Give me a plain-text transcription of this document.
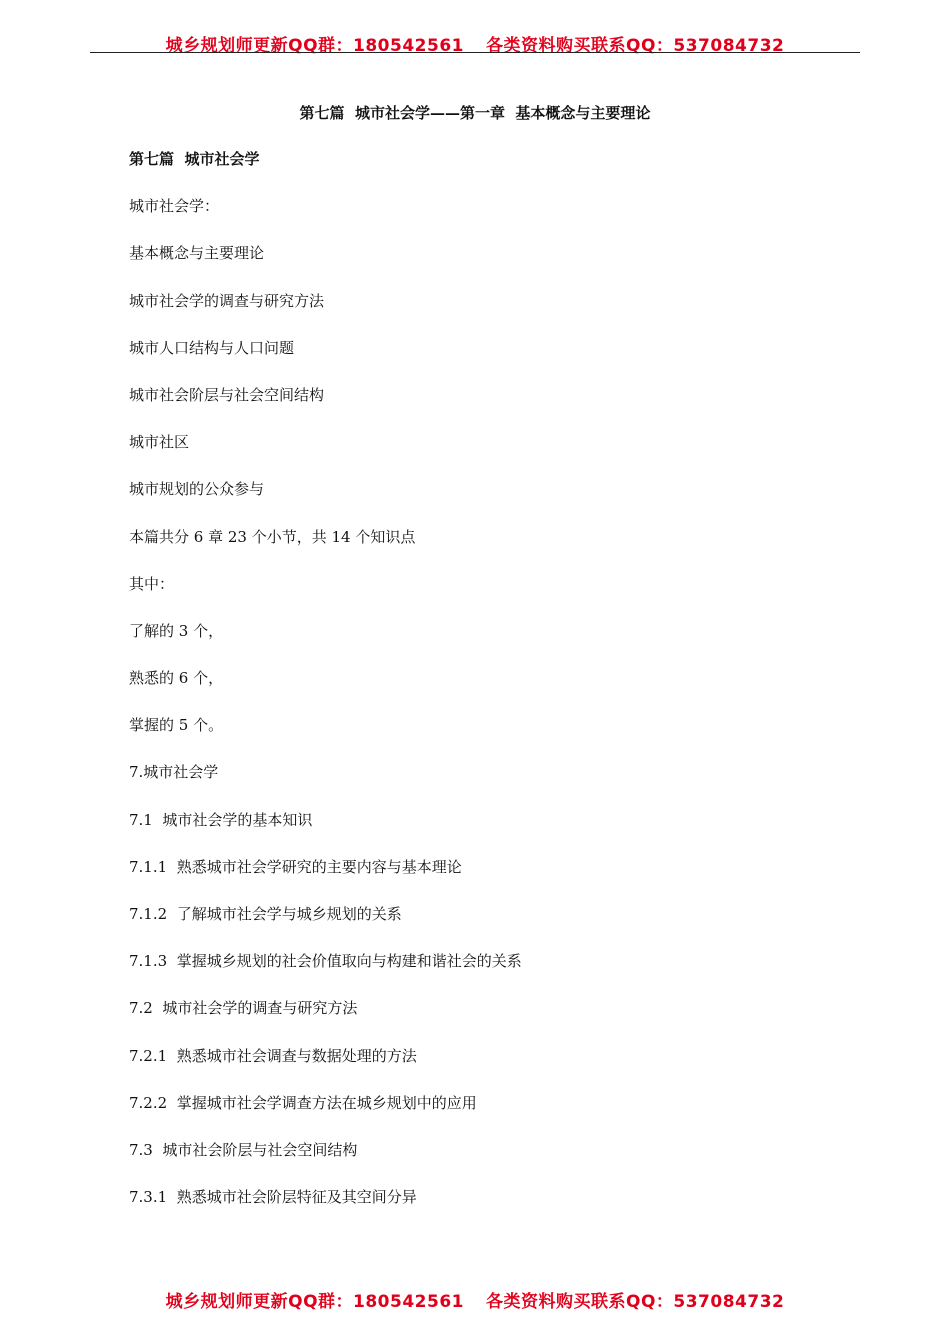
城乡规划师更新QQ群：180542561 各类资料购买联系QQ：537084732
第七篇  城市社会学——第一章  基本概念与主要理论
第七篇  城市社会学
城市社会学：
基本概念与主要理论
城市社会学的调查与研究方法
城市人口结构与人口问题
城市社会阶层与社会空间结构
城市社区
城市规划的公众参与
本篇共分 6 章 23 个小节，共 14 个知识点
其中：
了解的 3 个，
熟悉的 6 个，
掌握的 5 个。
7.城市社会学
7.1  城市社会学的基本知识
7.1.1  熟悉城市社会学研究的主要内容与基本理论
7.1.2  了解城市社会学与城乡规划的关系
7.1.3  掌握城乡规划的社会价值取向与构建和谐社会的关系
7.2  城市社会学的调查与研究方法
7.2.1  熟悉城市社会调查与数据处理的方法
7.2.2  掌握城市社会学调查方法在城乡规划中的应用
7.3  城市社会阶层与社会空间结构
7.3.1  熟悉城市社会阶层特征及其空间分异
城乡规划师更新QQ群：180542561 各类资料购买联系QQ：537084732
